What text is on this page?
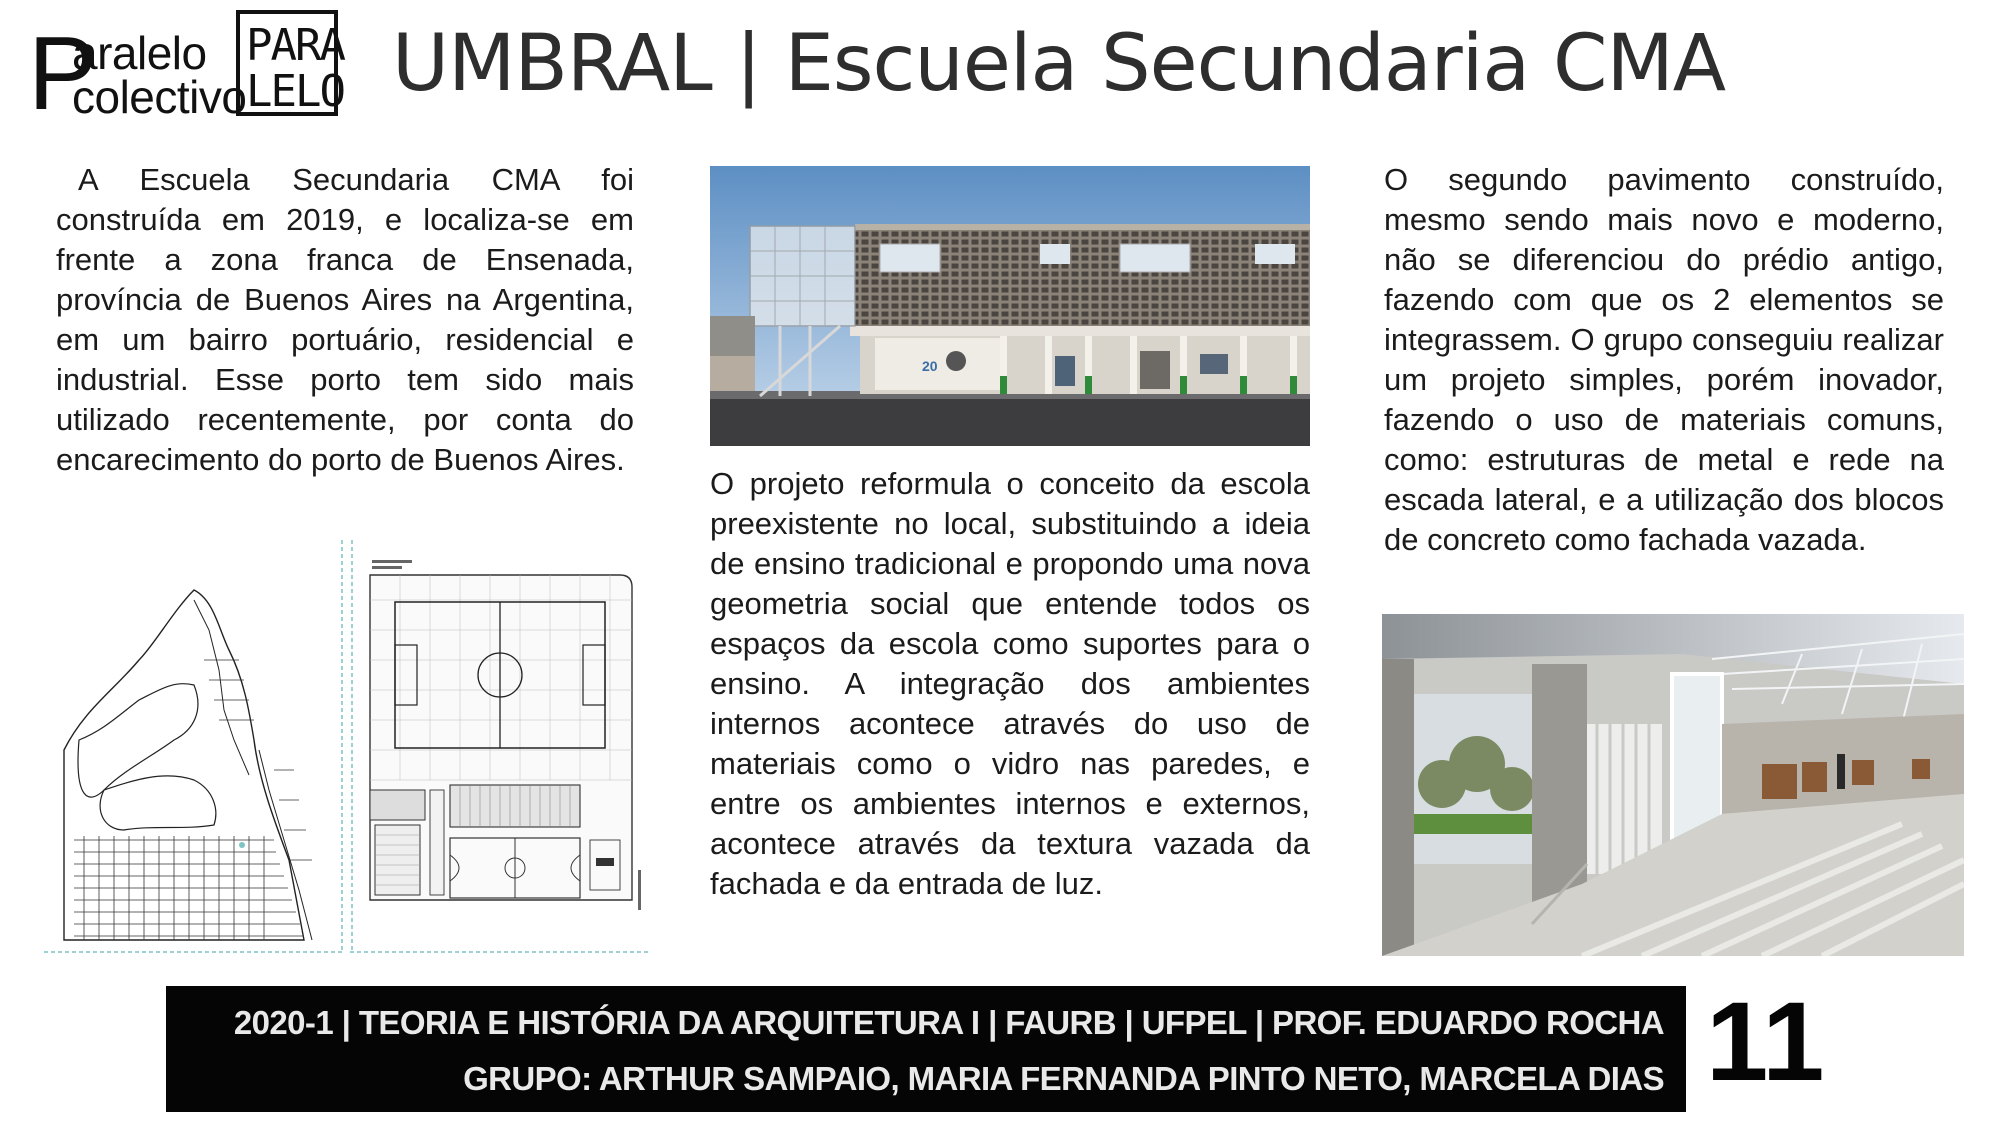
P
aralelo
colectivo
PARA
LELO UMBRAL | Escuela Secundaria CMA

A Escuela Secundaria CMA foi construída em 2019, e localiza-se em frente a zona franca de Ensenada, província de Buenos Aires na Argentina, em um bairro portuário, residencial e industrial. Esse porto tem sido mais utilizado recentemente, por conta do encarecimento do porto de Buenos Aires.

20

O projeto reformula o conceito da escola preexistente no local, substituindo a ideia de ensino tradicional e propondo uma nova geometria social que entende todos os espaços da escola como suportes para o ensino. A integração dos ambientes internos acontece através do uso de materiais como o vidro nas paredes, e entre os ambientes internos e externos, acontece através da textura vazada da fachada e da entrada de luz.

O segundo pavimento construído, mesmo sendo mais novo e moderno, não se diferenciou do prédio antigo, fazendo com que os 2 elementos se integrassem. O grupo conseguiu realizar um projeto simples, porém inovador, fazendo o uso de materiais comuns, como: estruturas de metal e rede na escada lateral, e a utilização dos blocos de concreto como fachada vazada.

2020-1 | TEORIA E HISTÓRIA DA ARQUITETURA I | FAURB | UFPEL | PROF. EDUARDO ROCHA
GRUPO: ARTHUR SAMPAIO, MARIA FERNANDA PINTO NETO, MARCELA DIAS 11
